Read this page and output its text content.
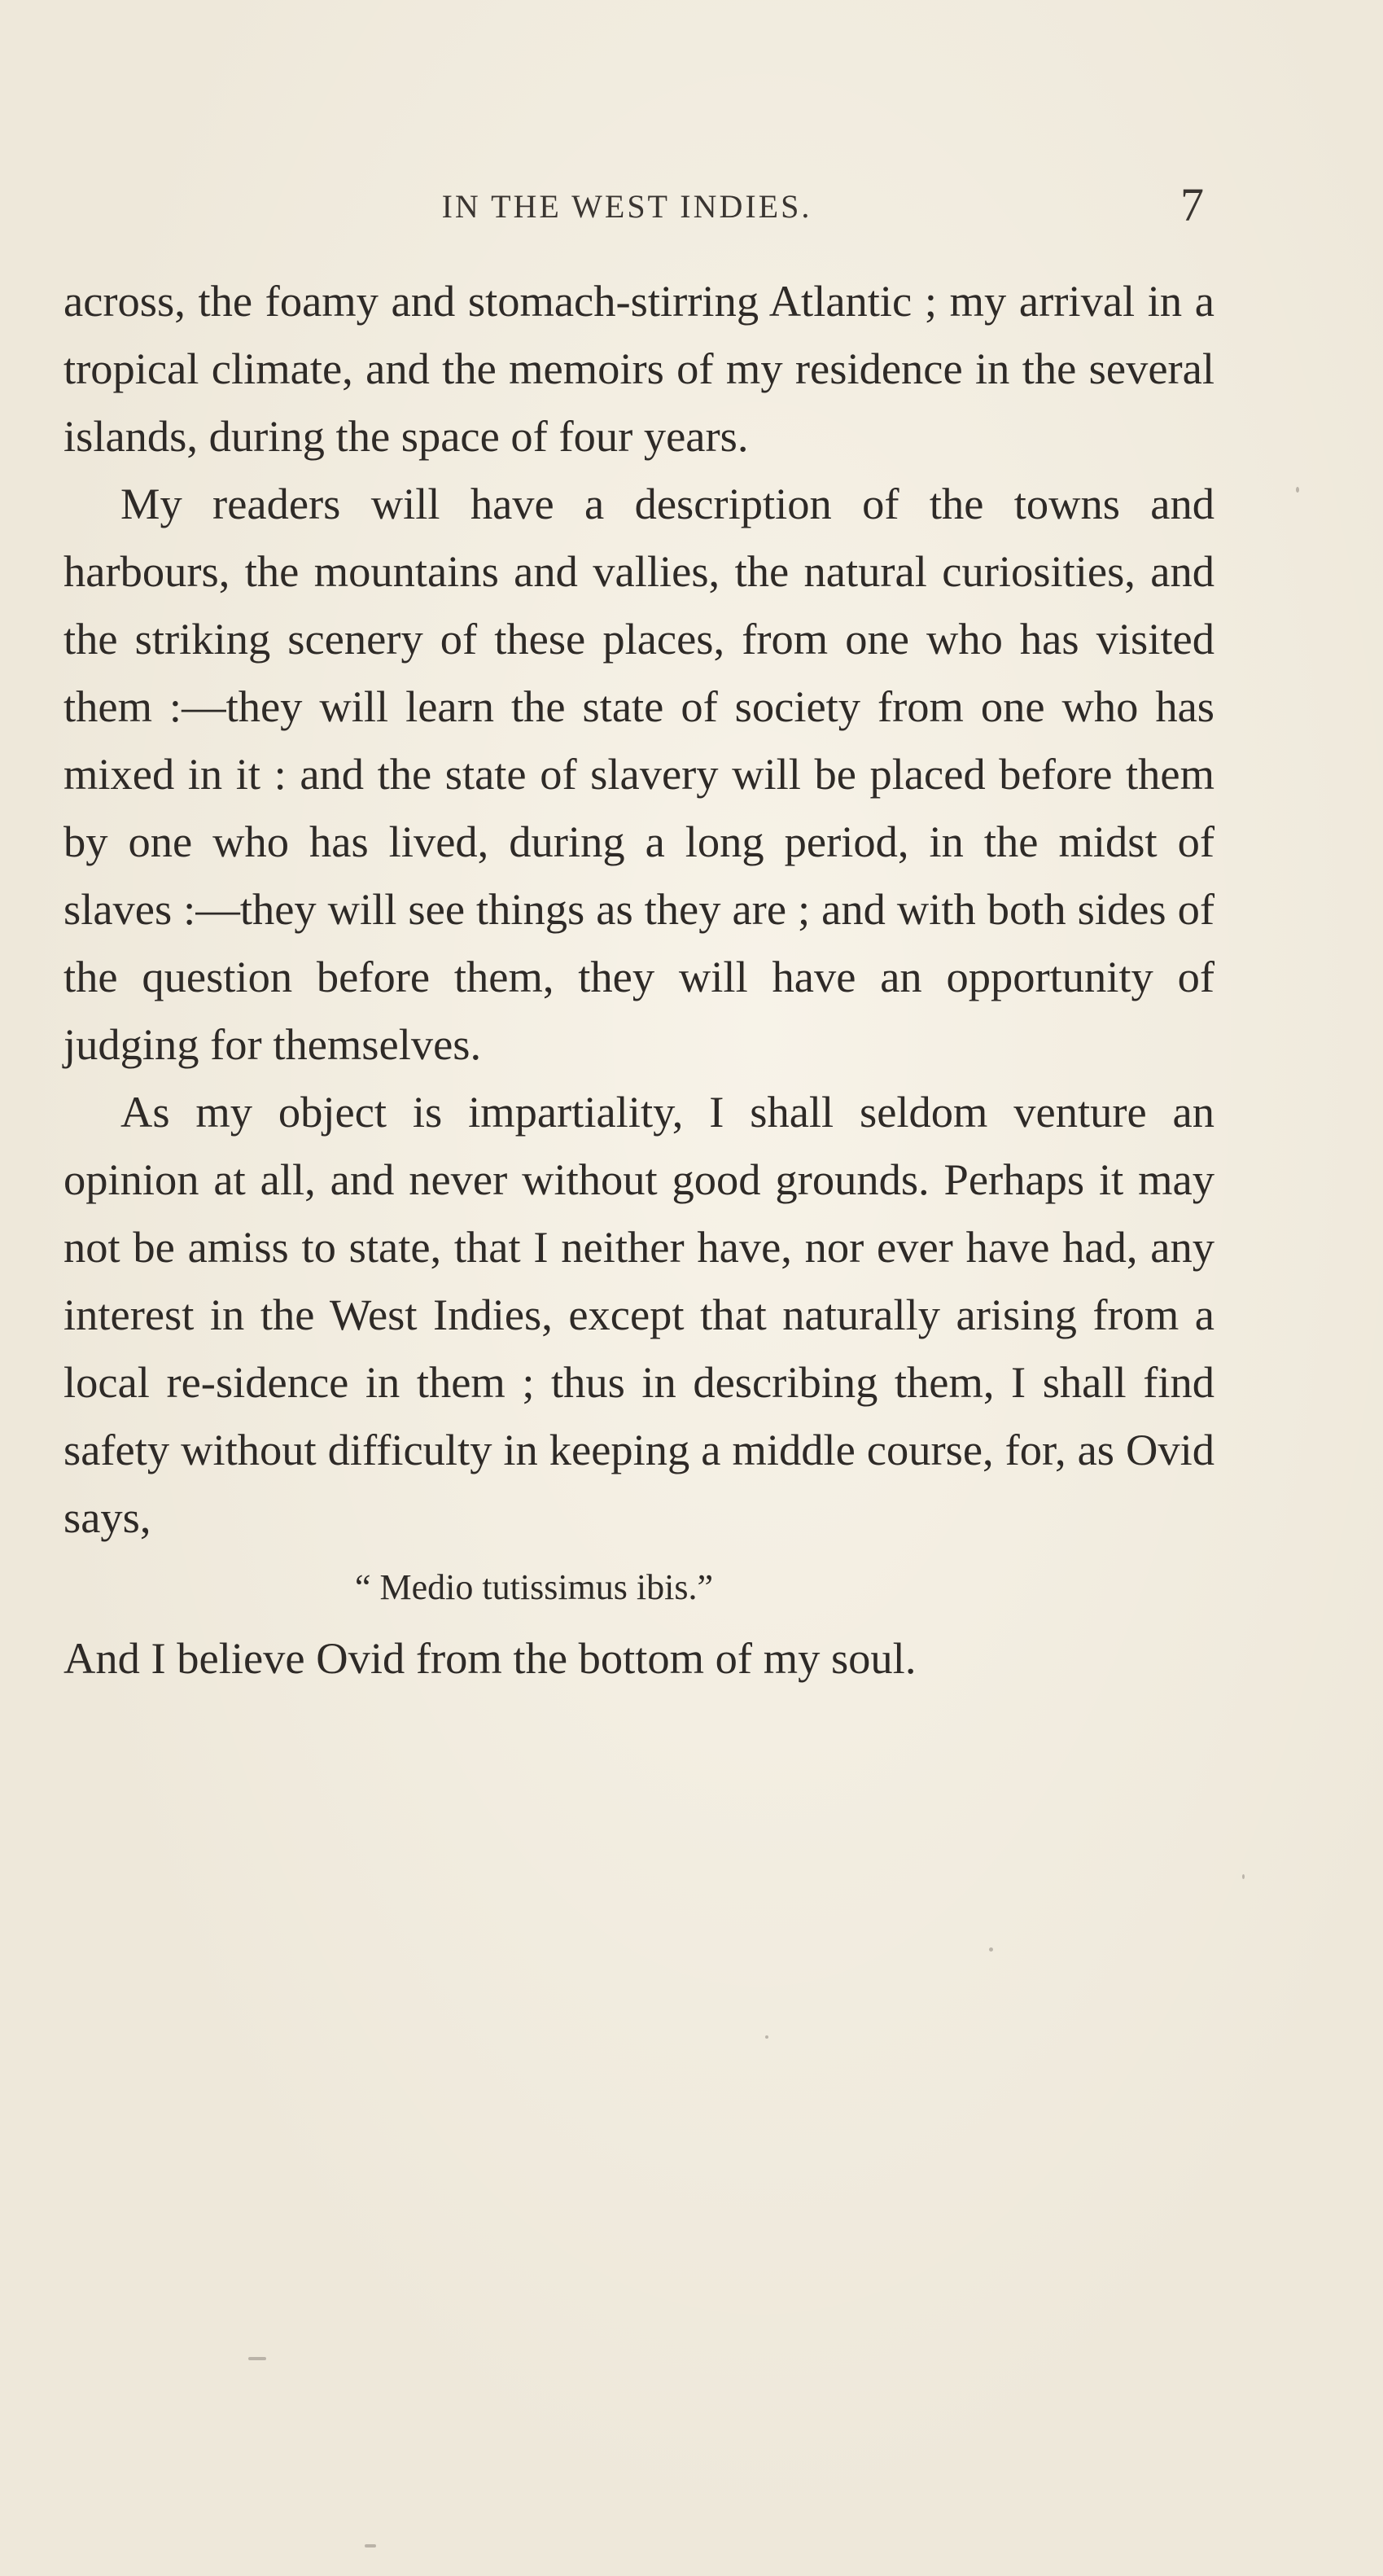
IN THE WEST INDIES.	7

across, the foamy and stomach-stirring Atlantic ; my arrival in a tropical climate, and the memoirs of my residence in the several islands, during the space of four years.

My readers will have a description of the towns and harbours, the mountains and vallies, the natural curiosities, and the striking scenery of these places, from one who has visited them :—they will learn the state of society from one who has mixed in it : and the state of slavery will be placed before them by one who has lived, during a long period, in the midst of slaves :—they will see things as they are ; and with both sides of the question before them, they will have an opportunity of judging for themselves.

As my object is impartiality, I shall seldom venture an opinion at all, and never without good grounds. Perhaps it may not be amiss to state, that I neither have, nor ever have had, any interest in the West Indies, except that naturally arising from a local re-sidence in them ; thus in describing them, I shall find safety without difficulty in keeping a middle course, for, as Ovid says,

“ Medio tutissimus ibis.”

And I believe Ovid from the bottom of my soul.
